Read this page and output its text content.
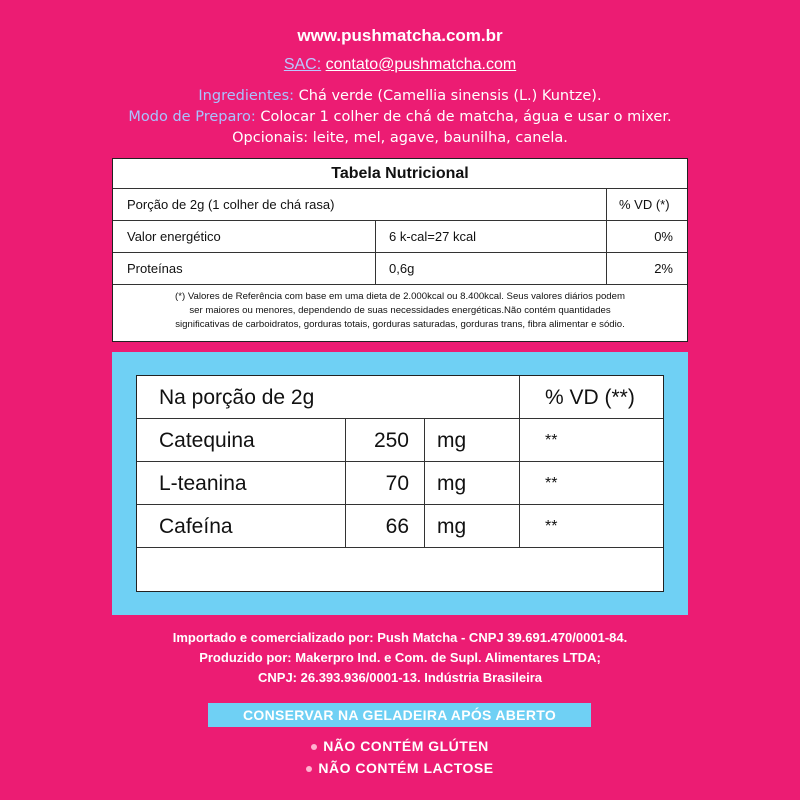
www.pushmatcha.com.br
SAC: contato@pushmatcha.com
Ingredientes: Chá verde (Camellia sinensis (L.) Kuntze).
Modo de Preparo: Colocar 1 colher de chá de matcha, água e usar o mixer.
Opcionais: leite, mel, agave, baunilha, canela.
Tabela Nutricional
Porção de 2g (1 colher de chá rasa)	% VD (*)
Valor energético	6 k-cal=27 kcal	0%
Proteínas	0,6g	2%
(*) Valores de Referência com base em uma dieta de 2.000kcal ou 8.400kcal. Seus valores diários podem
ser maiores ou menores, dependendo de suas necessidades energéticas.Não contém quantidades
significativas de carboidratos, gorduras totais, gorduras saturadas, gorduras trans, fibra alimentar e sódio.
Na porção de 2g	% VD (**)
Catequina	250 mg	**
L-teanina	70 mg	**
Cafeína	66 mg	**
Importado e comercializado por: Push Matcha - CNPJ 39.691.470/0001-84.
Produzido por: Makerpro Ind. e Com. de Supl. Alimentares LTDA;
CNPJ: 26.393.936/0001-13. Indústria Brasileira
CONSERVAR NA GELADEIRA APÓS ABERTO
NÃO CONTÉM GLÚTEN
NÃO CONTÉM LACTOSE
